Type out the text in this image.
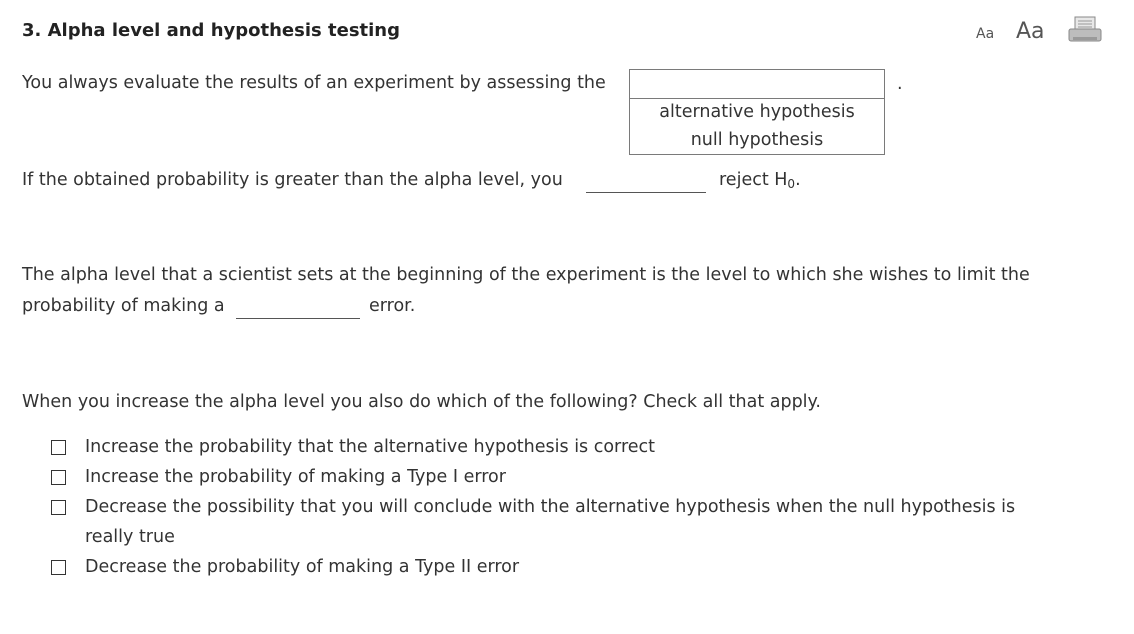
3. Alpha level and hypothesis testing	Aa Aa
You always evaluate the results of an experiment by assessing the
alternative hypothesis
null hypothesis
.
If the obtained probability is greater than the alpha level, you	reject $H_0$.
The alpha level that a scientist sets at the beginning of the experiment is the level to which she wishes to limit the
probability of making a	error.
When you increase the alpha level you also do which of the following? Check all that apply.
Increase the probability that the alternative hypothesis is correct
Increase the probability of making a Type I error
Decrease the possibility that you will conclude with the alternative hypothesis when the null hypothesis is
really true
Decrease the probability of making a Type II error
